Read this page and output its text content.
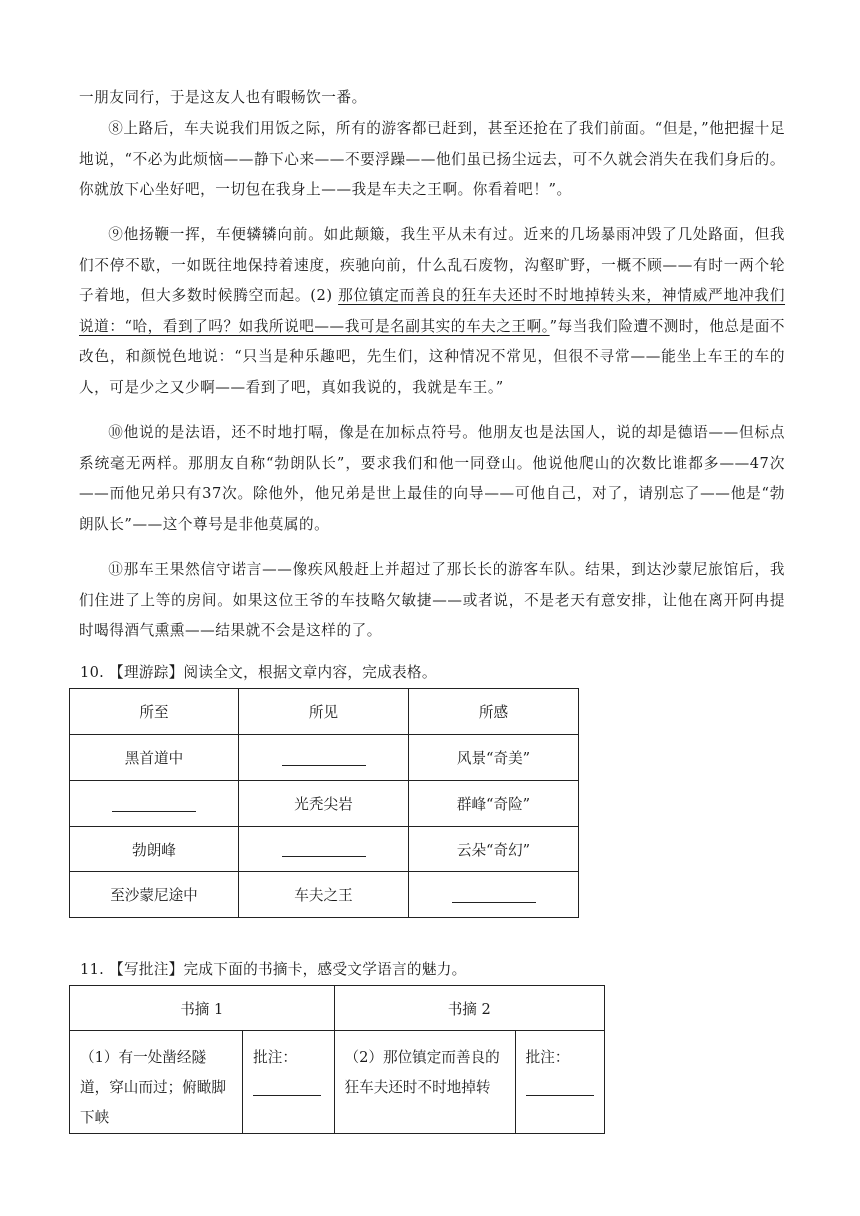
一朋友同行，于是这友人也有暇畅饮一番。

⑧上路后，车夫说我们用饭之际，所有的游客都已赶到，甚至还抢在了我们前面。“但是，”他把握十足地说，“不必为此烦恼——静下心来——不要浮躁——他们虽已扬尘远去，可不久就会消失在我们身后的。你就放下心坐好吧，一切包在我身上——我是车夫之王啊。你看着吧！”。

⑨他扬鞭一挥，车便辚辚向前。如此颠簸，我生平从未有过。近来的几场暴雨冲毁了几处路面，但我们不停不歇，一如既往地保持着速度，疾驰向前，什么乱石废物，沟壑旷野，一概不顾——有时一两个轮子着地，但大多数时候腾空而起。(2) 那位镇定而善良的狂车夫还时不时地掉转头来，神情威严地冲我们说道：“哈，看到了吗？如我所说吧——我可是名副其实的车夫之王啊。”每当我们险遭不测时，他总是面不改色，和颜悦色地说：“只当是种乐趣吧，先生们，这种情况不常见，但很不寻常——能坐上车王的车的人，可是少之又少啊——看到了吧，真如我说的，我就是车王。”

⑩他说的是法语，还不时地打嗝，像是在加标点符号。他朋友也是法国人，说的却是德语——但标点系统毫无两样。那朋友自称“勃朗队长”，要求我们和他一同登山。他说他爬山的次数比谁都多——47次——而他兄弟只有37次。除他外，他兄弟是世上最佳的向导——可他自己，对了，请别忘了——他是“勃朗队长”——这个尊号是非他莫属的。

⑪那车王果然信守诺言——像疾风般赶上并超过了那长长的游客车队。结果，到达沙蒙尼旅馆后，我们住进了上等的房间。如果这位王爷的车技略欠敏捷——或者说，不是老天有意安排，让他在离开阿冉提时喝得酒气熏熏——结果就不会是这样的了。

10. 【理游踪】阅读全文，根据文章内容，完成表格。

所至	所见	所感
黑首道中		风景“奇美”
	光秃尖岩	群峰“奇险”
勃朗峰		云朵“奇幻”
至沙蒙尼途中	车夫之王	

11. 【写批注】完成下面的书摘卡，感受文学语言的魅力。

书摘 1		书摘 2	
（1）有一处凿经隧道，穿山而过；俯瞰脚下峡	批注：	（2）那位镇定而善良的狂车夫还时不时地掉转	批注：
